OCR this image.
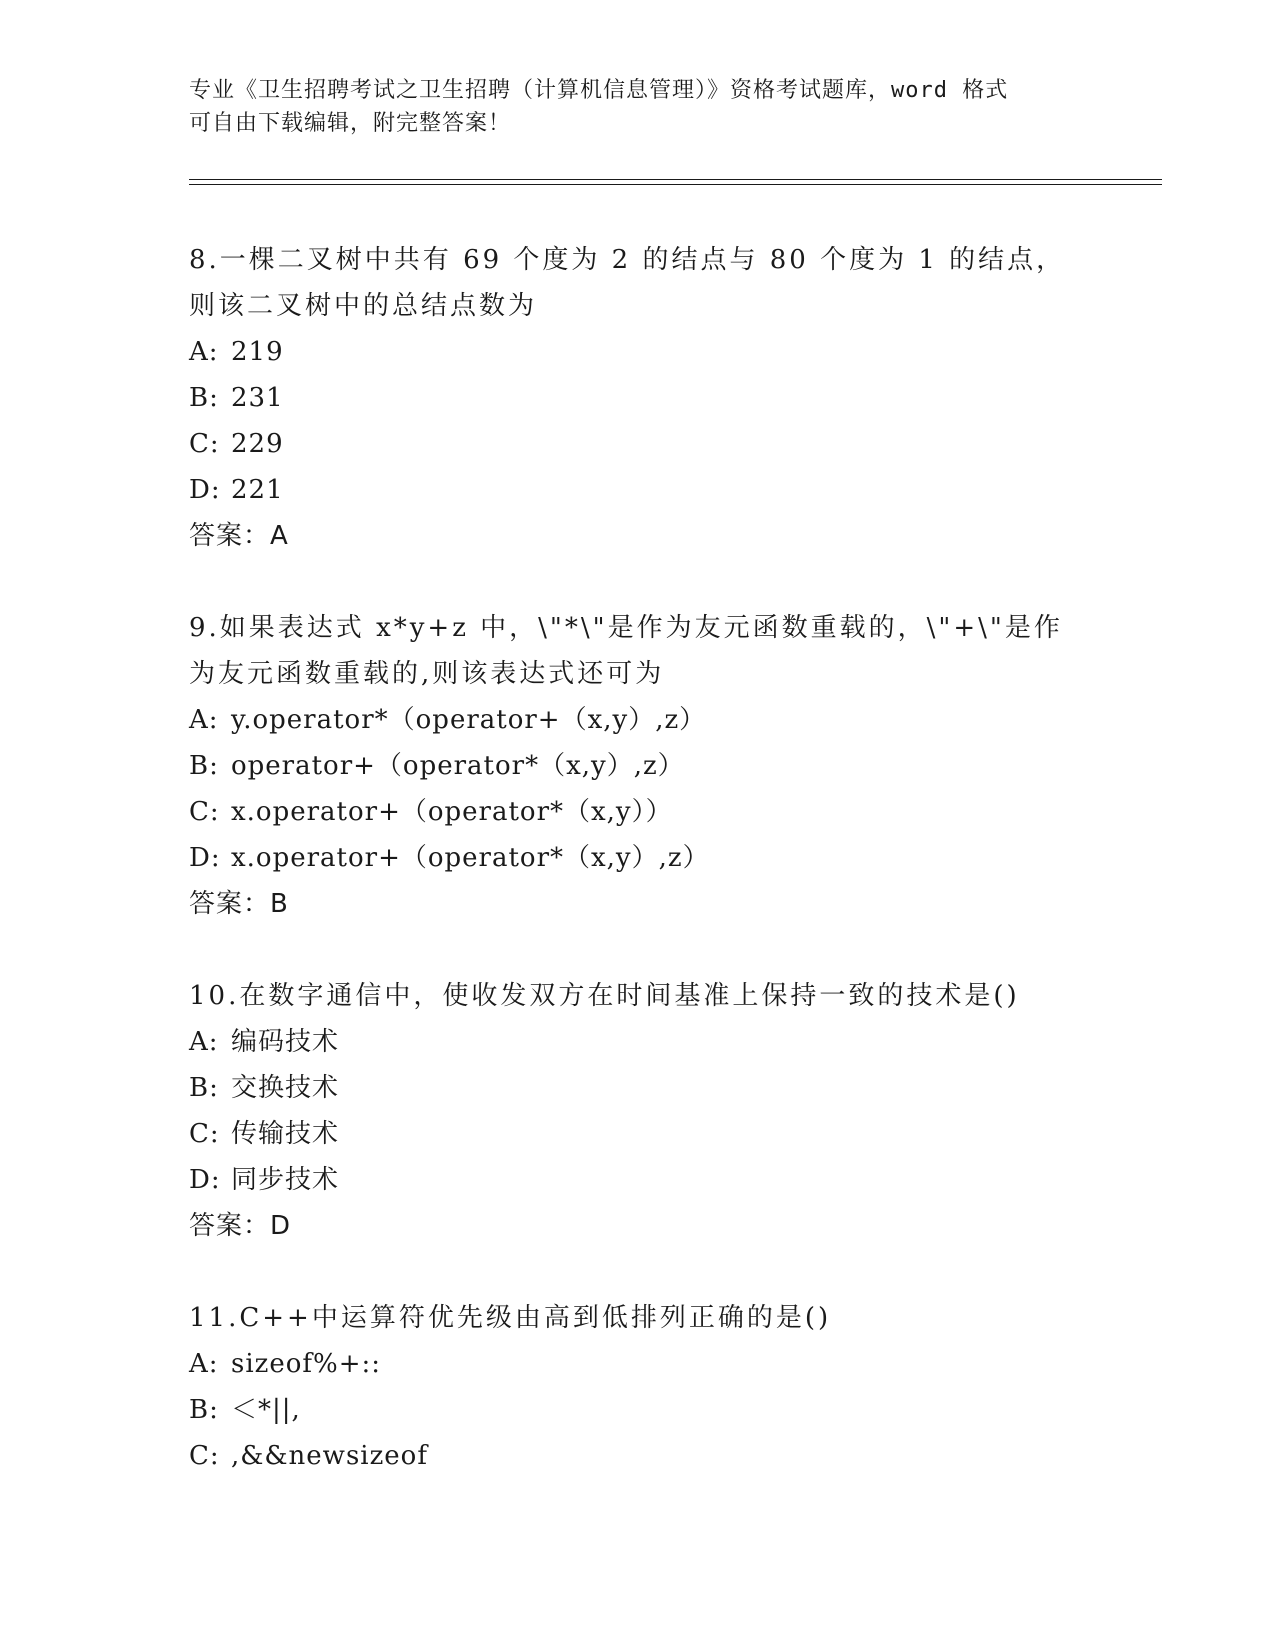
专业《卫生招聘考试之卫生招聘（计算机信息管理）》资格考试题库，word 格式
可自由下载编辑，附完整答案！

8.一棵二叉树中共有 69 个度为 2 的结点与 80 个度为 1 的结点，则该二叉树中的总结点数为

A: 219

B: 231

C: 229

D: 221

答案：A

9.如果表达式 x*y+z 中，\"*\"是作为友元函数重载的，\"+\"是作为友元函数重载的,则该表达式还可为

A: y.operator*（operator+（x,y）,z）

B: operator+（operator*（x,y）,z）

C: x.operator+（operator*（x,y））

D: x.operator+（operator*（x,y）,z）

答案：B

10.在数字通信中，使收发双方在时间基准上保持一致的技术是()

A: 编码技术

B: 交换技术

C: 传输技术

D: 同步技术

答案：D

11.C++中运算符优先级由高到低排列正确的是()

A: sizeof%+::

B: ＜*||,

C: ,&&newsizeof
